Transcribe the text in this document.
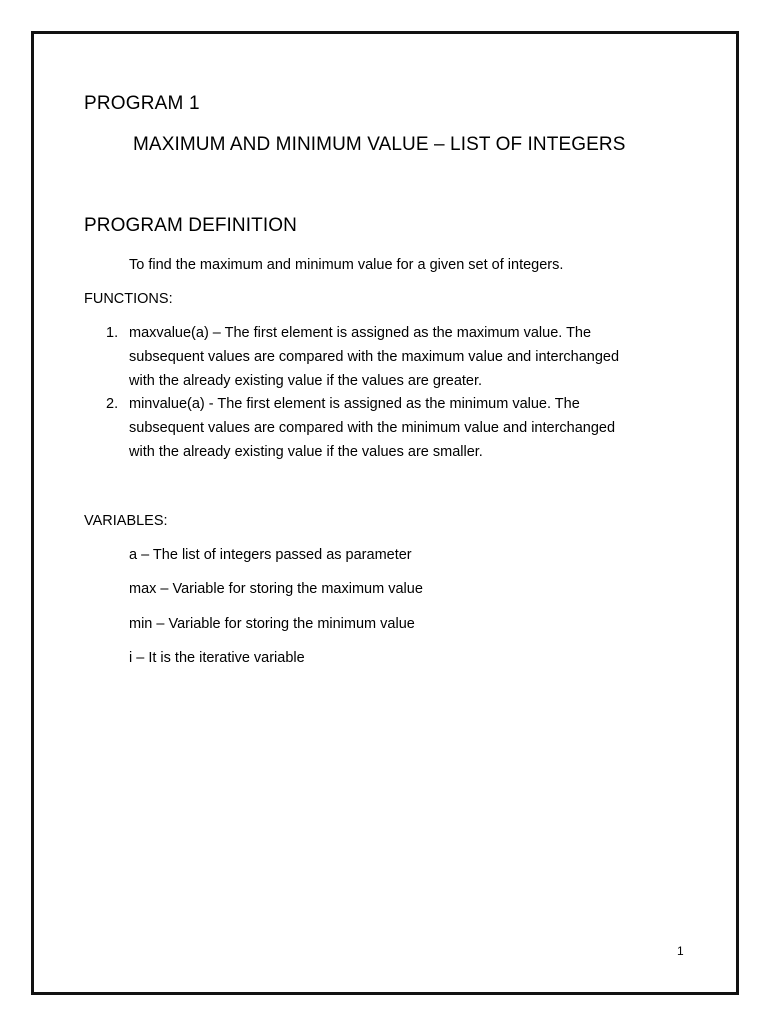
PROGRAM 1
MAXIMUM AND MINIMUM VALUE – LIST OF INTEGERS
PROGRAM DEFINITION
To find the maximum and minimum value for a given set of integers.
FUNCTIONS:
1. maxvalue(a) – The first element is assigned as the maximum value. The
subsequent values are compared with the maximum value and interchanged
with the already existing value if the values are greater.
2. minvalue(a) - The first element is assigned as the minimum value. The
subsequent values are compared with the minimum value and interchanged
with the already existing value if the values are smaller.
VARIABLES:
a – The list of integers passed as parameter
max – Variable for storing the maximum value
min – Variable for storing the minimum value
i – It is the iterative variable
1
